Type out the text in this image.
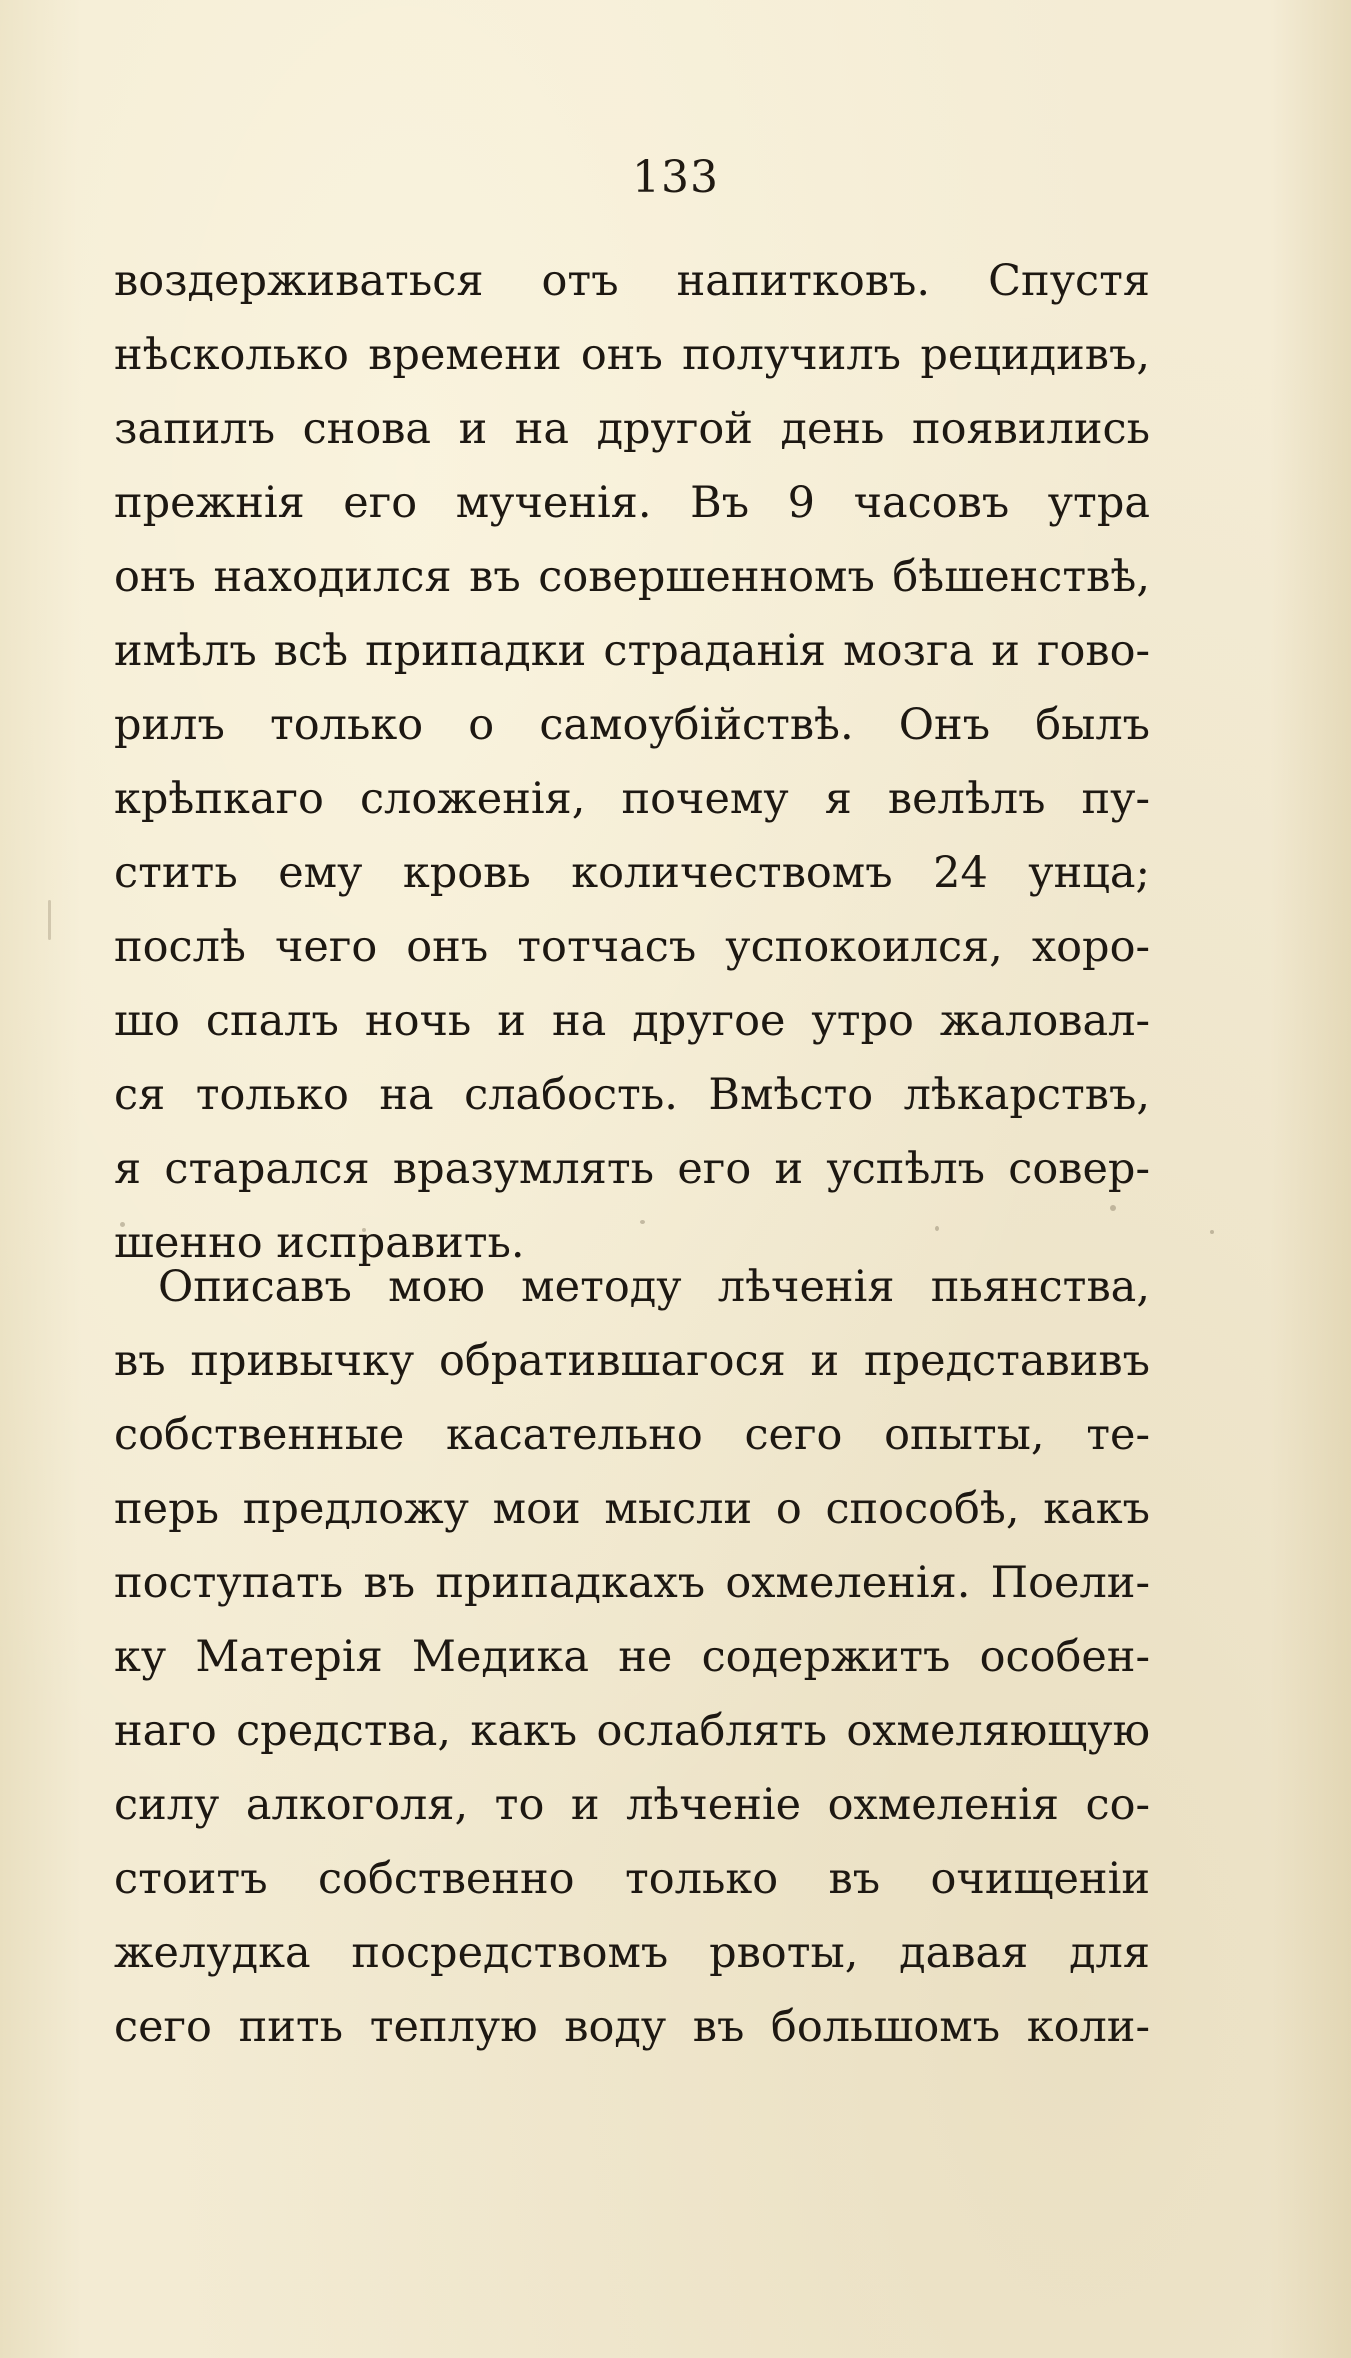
133
воздерживаться отъ напитковъ. Спустя
нѣсколько времени онъ получилъ рецидивъ,
запилъ снова и на другой день появились
прежнія его мученія. Въ 9 часовъ утра
онъ находился въ совершенномъ бѣшенствѣ,
имѣлъ всѣ припадки страданія мозга и гово-
рилъ только о самоубійствѣ. Онъ былъ
крѣпкаго сложенія, почему я велѣлъ пу-
стить ему кровь количествомъ 24 унца;
послѣ чего онъ тотчасъ успокоился, хоро-
шо спалъ ночь и на другое утро жаловал-
ся только на слабость. Вмѣсто лѣкарствъ,
я старался вразумлять его и успѣлъ совер-
шенно исправить.
Описавъ мою методу лѣченія пьянства,
въ привычку обратившагося и представивъ
собственные касательно сего опыты, те-
перь предложу мои мысли о способѣ, какъ
поступать въ припадкахъ охмеленія. Поели-
ку Матерія Медика не содержитъ особен-
наго средства, какъ ослаблять охмеляющую
силу алкоголя, то и лѣченіе охмеленія со-
стоитъ собственно только въ очищеніи
желудка посредствомъ рвоты, давая для
сего пить теплую воду въ большомъ коли-
